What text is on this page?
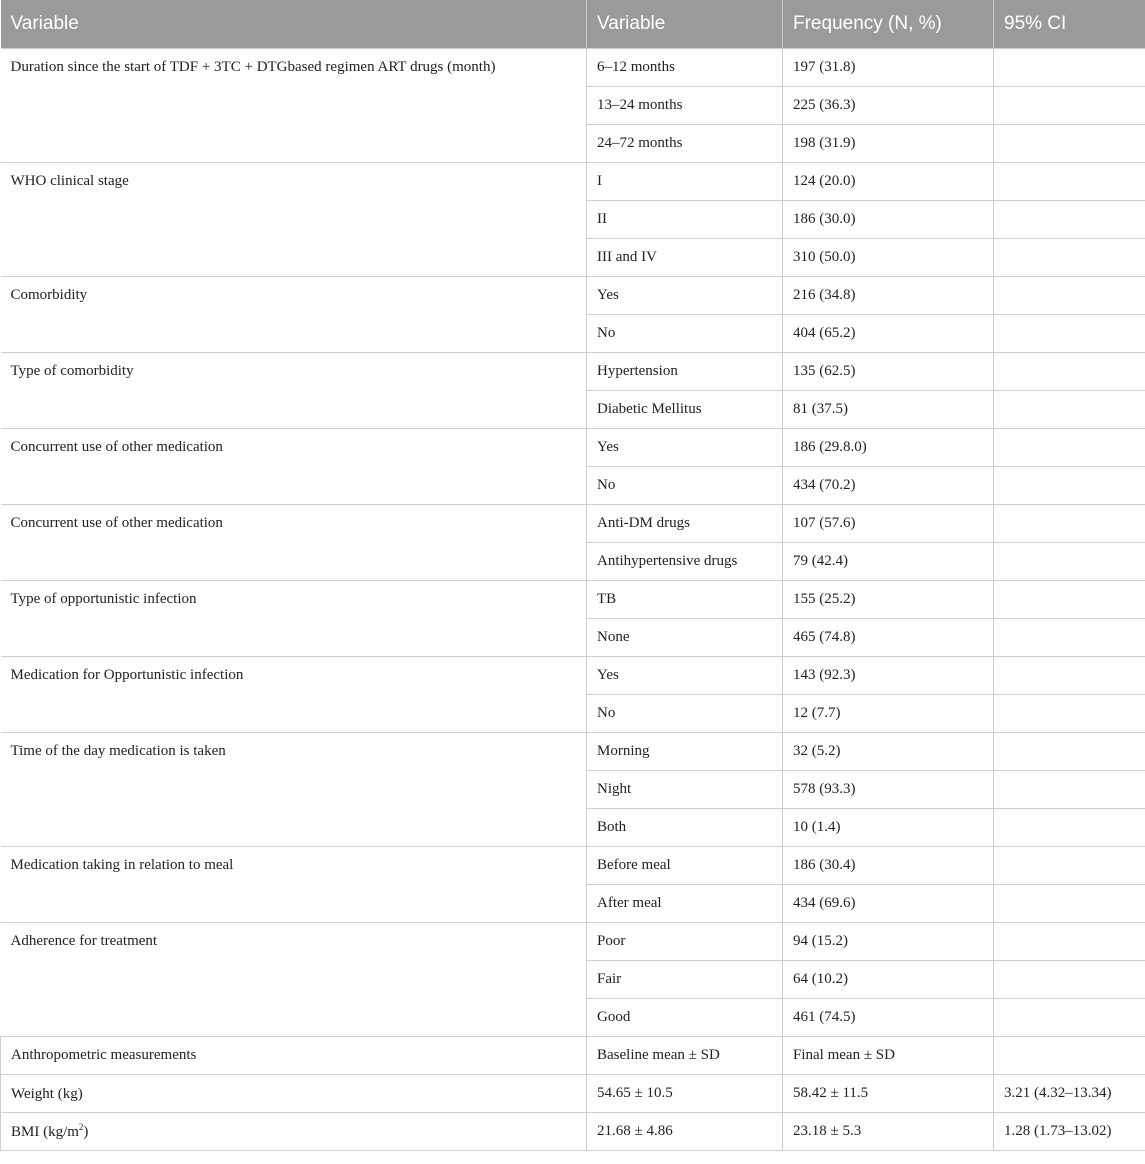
Variable	Variable	Frequency (N, %)	95% CI
Duration since the start of TDF + 3TC + DTGbased regimen ART drugs (month)	6–12 months	197 (31.8)	
	13–24 months	225 (36.3)	
	24–72 months	198 (31.9)	
WHO clinical stage	I	124 (20.0)	
	II	186 (30.0)	
	III and IV	310 (50.0)	
Comorbidity	Yes	216 (34.8)	
	No	404 (65.2)	
Type of comorbidity	Hypertension	135 (62.5)	
	Diabetic Mellitus	81 (37.5)	
Concurrent use of other medication	Yes	186 (29.8.0)	
	No	434 (70.2)	
Concurrent use of other medication	Anti-DM drugs	107 (57.6)	
	Antihypertensive drugs	79 (42.4)	
Type of opportunistic infection	TB	155 (25.2)	
	None	465 (74.8)	
Medication for Opportunistic infection	Yes	143 (92.3)	
	No	12 (7.7)	
Time of the day medication is taken	Morning	32 (5.2)	
	Night	578 (93.3)	
	Both	10 (1.4)	
Medication taking in relation to meal	Before meal	186 (30.4)	
	After meal	434 (69.6)	
Adherence for treatment	Poor	94 (15.2)	
	Fair	64 (10.2)	
	Good	461 (74.5)	
Anthropometric measurements	Baseline mean ± SD	Final mean ± SD	
Weight (kg)	54.65 ± 10.5	58.42 ± 11.5	3.21 (4.32–13.34)
BMI $(kg/m^2)$	21.68 ± 4.86	23.18 ± 5.3	1.28 (1.73–13.02)
